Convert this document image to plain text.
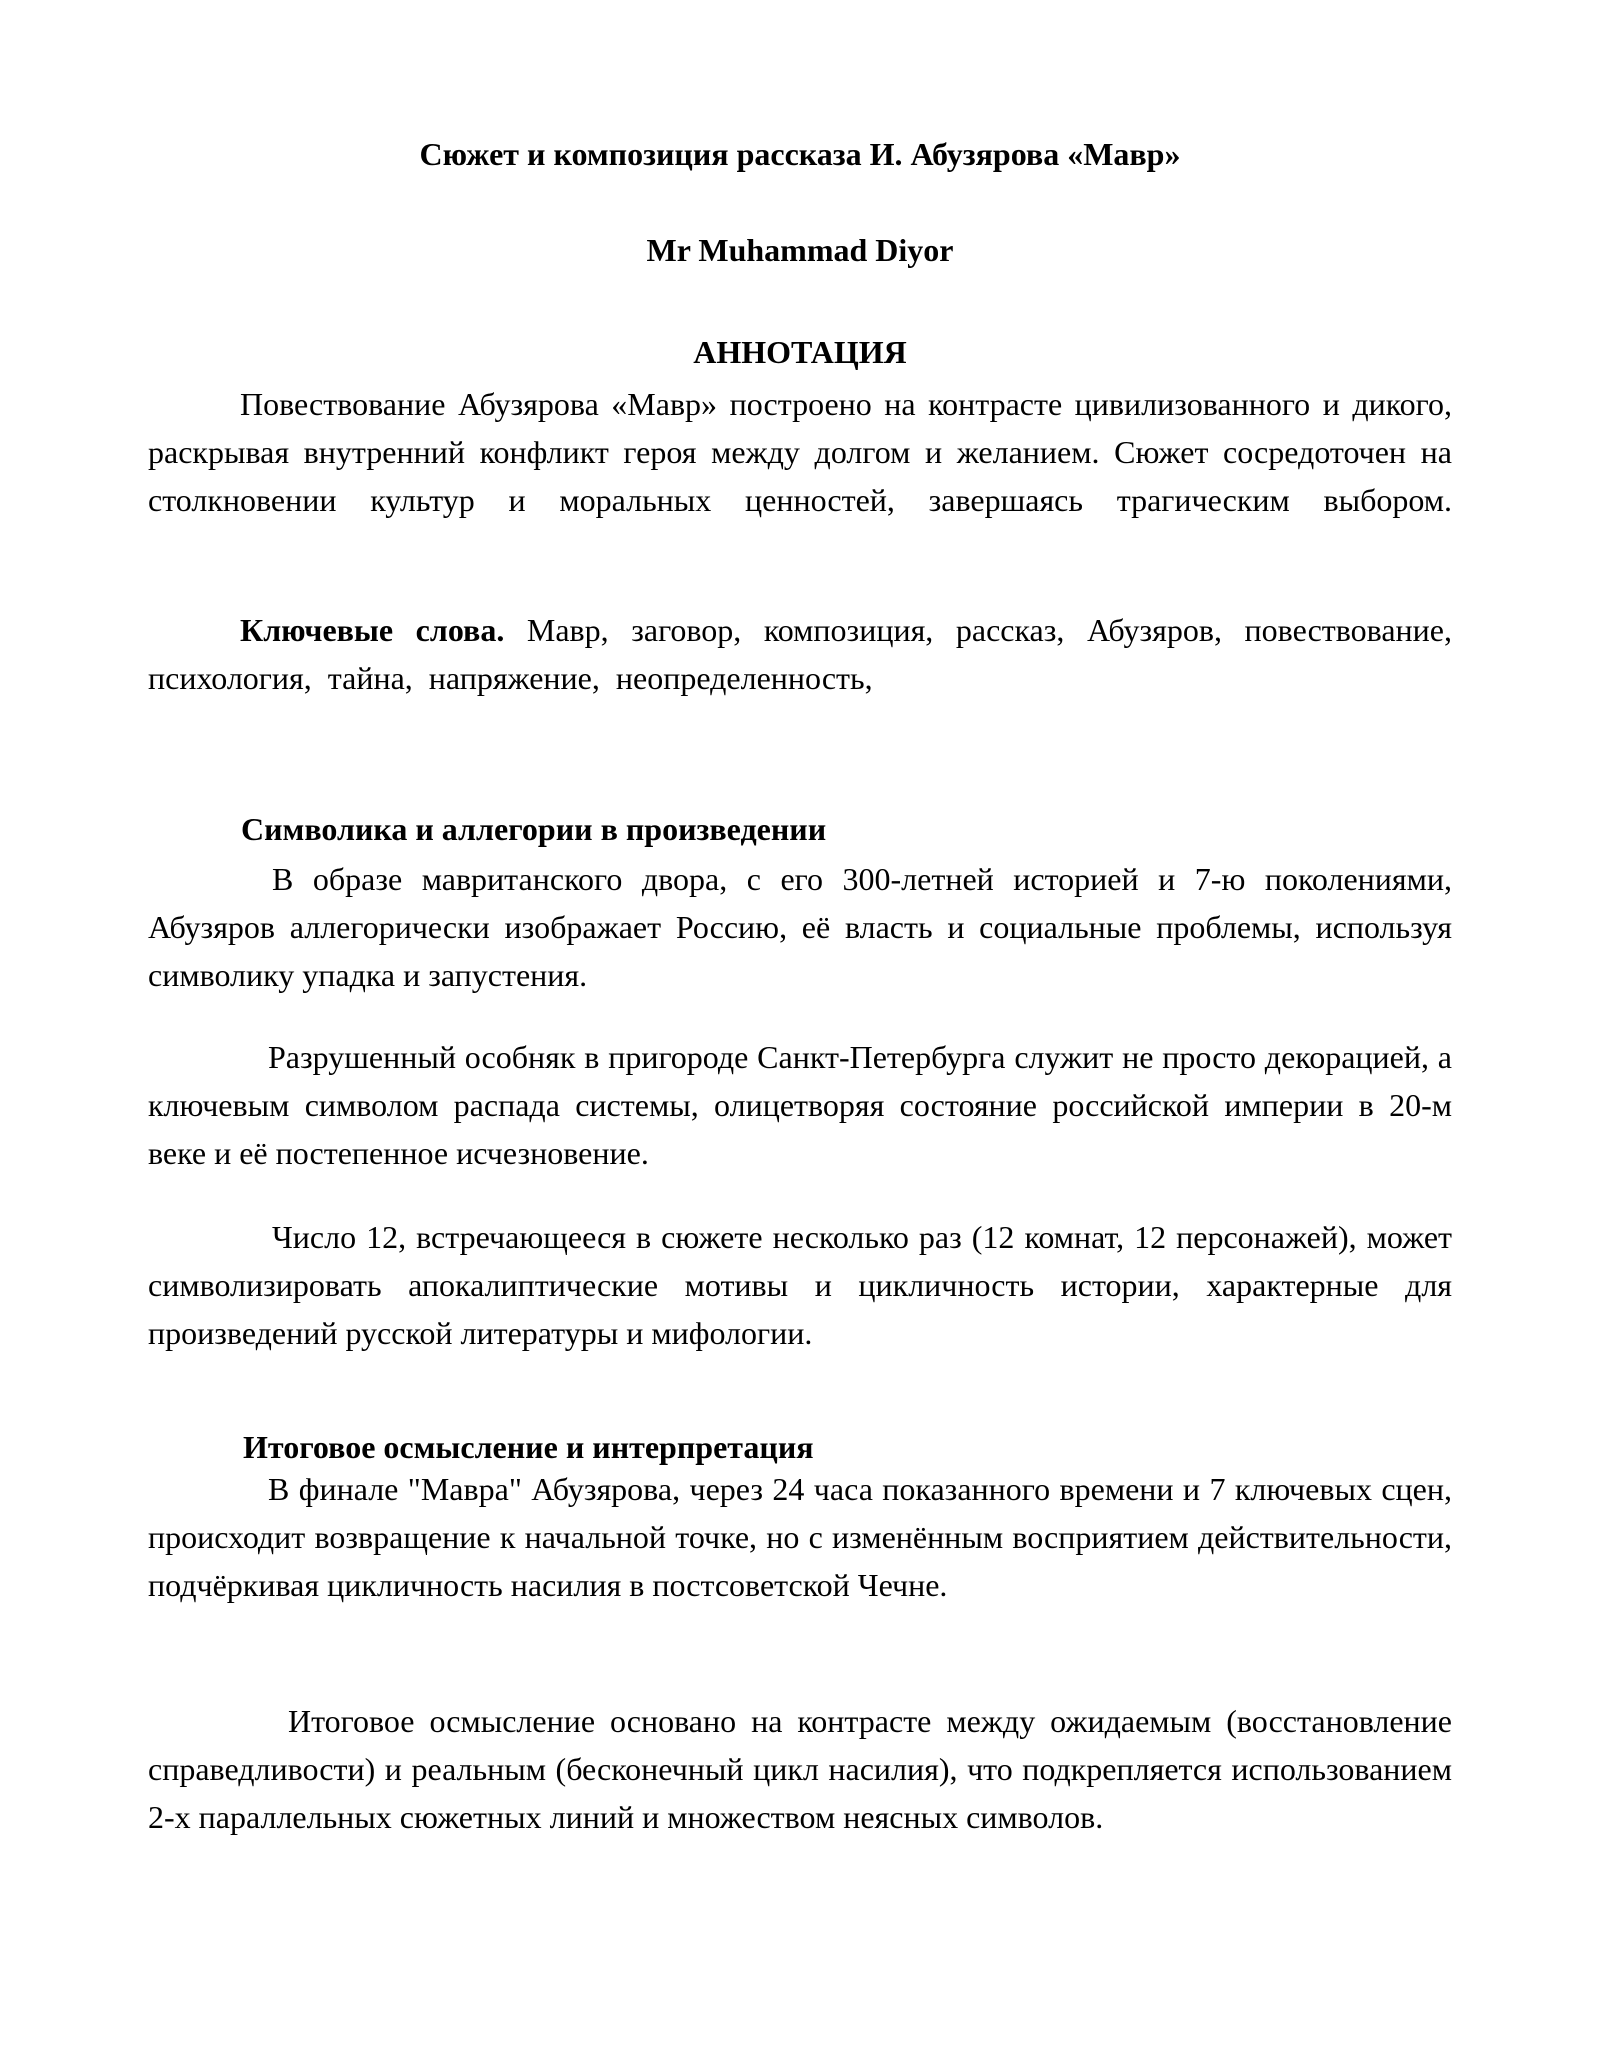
Сюжет и композиция рассказа И. Абузярова «Мавр»
Mr Muhammad Diyor
АННОТАЦИЯ

Повествование Абузярова «Мавр» построено на контрасте цивилизованного и дикого, раскрывая внутренний конфликт героя между долгом и желанием. Сюжет сосредоточен на столкновении культур и моральных ценностей, завершаясь трагическим выбором.

Ключевые слова. Мавр, заговор, композиция, рассказ, Абузяров, повествование, психология, тайна, напряжение, неопределенность,

Символика и аллегории в произведении

В образе мавританского двора, с его 300-летней историей и 7-ю поколениями, Абузяров аллегорически изображает Россию, её власть и социальные проблемы, используя символику упадка и запустения.

Разрушенный особняк в пригороде Санкт-Петербурга служит не просто декорацией, а ключевым символом распада системы, олицетворяя состояние российской империи в 20-м веке и её постепенное исчезновение.

Число 12, встречающееся в сюжете несколько раз (12 комнат, 12 персонажей), может символизировать апокалиптические мотивы и цикличность истории, характерные для произведений русской литературы и мифологии.

Итоговое осмысление и интерпретация

В финале "Мавра" Абузярова, через 24 часа показанного времени и 7 ключевых сцен, происходит возвращение к начальной точке, но с изменённым восприятием действительности, подчёркивая цикличность насилия в постсоветской Чечне.

Итоговое осмысление основано на контрасте между ожидаемым (восстановление справедливости) и реальным (бесконечный цикл насилия), что подкрепляется использованием 2-х параллельных сюжетных линий и множеством неясных символов.
